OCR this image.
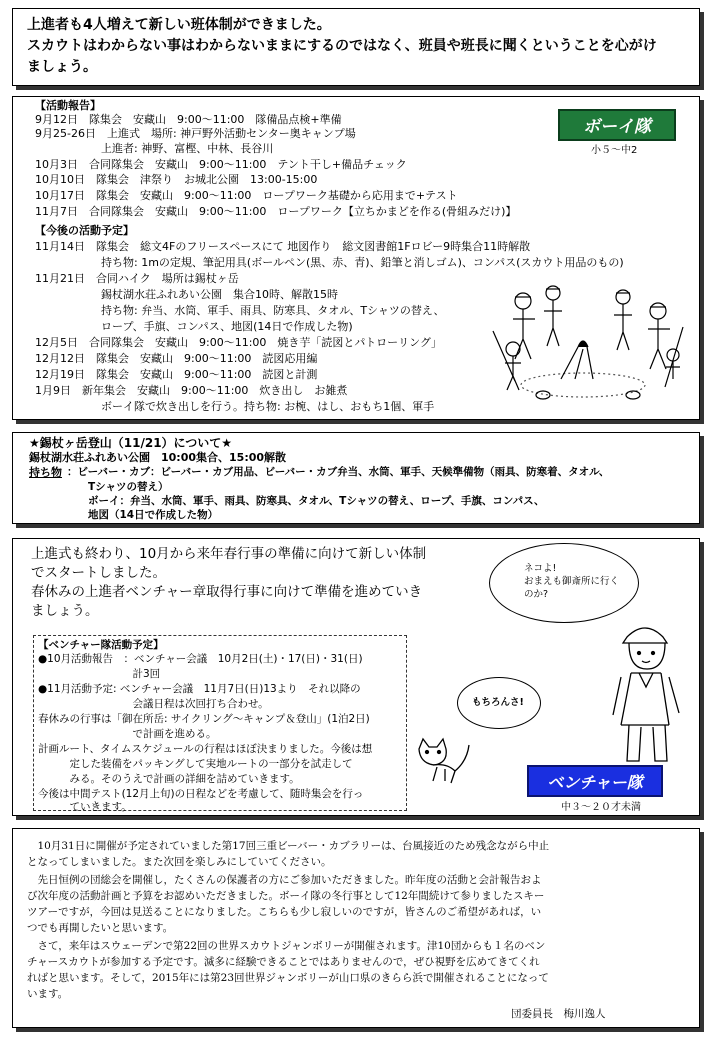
上進者も4人増えて新しい班体制ができました。
スカウトはわからない事はわからないままにするのではなく、班員や班長に聞くということを心がけ
ましょう。
【活動報告】
9月12日　隊集会　安藏山　9:00～11:00　隊備品点検+準備
9月25-26日　上進式　場所: 神戸野外活動センター奥キャンプ場
　　　　　　上進者: 神野、富樫、中林、長谷川
10月3日　合同隊集会　安藏山　9:00～11:00　テント干し+備品チェック
10月10日　隊集会　津祭り　お城北公園　13:00-15:00
10月17日　隊集会　安藏山　9:00～11:00　ロープワーク基礎から応用まで+テスト
11月7日　合同隊集会　安藏山　9:00～11:00　ロープワーク【立ちかまどを作る(骨組みだけ)】
【今後の活動予定】
11月14日　隊集会　総文4Fのフリースペースにて 地図作り　総文図書館1Fロビー9時集合11時解散
　　　　　　持ち物: 1mの定規、筆記用具(ボールペン(黒、赤、青)、鉛筆と消しゴム)、コンパス(スカウト用品のもの)
11月21日　合同ハイク　場所は錫杖ヶ岳
　　　　　　錫杖湖水荘ふれあい公園　集合10時、解散15時
　　　　　　持ち物: 弁当、水筒、軍手、雨具、防寒具、タオル、Tシャツの替え、
　　　　　　ロープ、手旗、コンパス、地図(14日で作成した物)
12月5日　合同隊集会　安藏山　9:00～11:00　焼き芋「読図とパトローリング」
12月12日　隊集会　安藏山　9:00～11:00　読図応用編
12月19日　隊集会　安藏山　9:00～11:00　読図と計測
1月9日　新年集会　安藏山　9:00～11:00　炊き出し　お雑煮
　　　　　　ボーイ隊で炊き出しを行う。持ち物: お椀、はし、おもち1個、軍手
ボーイ隊
小５～中2
★錫杖ヶ岳登山（11/21）について★
錫杖湖水荘ふれあい公園　10:00集合、15:00解散
持ち物 ：ビーバー・カブ：ビーバー・カブ用品、ビーバー・カブ弁当、水筒、軍手、天候準備物（雨具、防寒着、タオル、
　　Tシャツの替え）
　　ボーイ：弁当、水筒、軍手、雨具、防寒具、タオル、Tシャツの替え、ロープ、手旗、コンパス、
　　地図（14日で作成した物）
上進式も終わり、10月から来年春行事の準備に向けて新しい体制
でスタートしました。
春休みの上進者ベンチャー章取得行事に向けて準備を進めていき
ましょう。
【ベンチャー隊活動予定】
●10月活動報告　：ベンチャー会議　10月2日(土)・17(日)・31(日)
　　　　　　　　　計3回
●11月活動予定: ベンチャー会議　11月7日(日)13より　それ以降の
　　　　　　　　　会議日程は次回打ち合わせ。
春休みの行事は「御在所岳: サイクリング～キャンプ＆登山」(1泊2日)
　　　　　　　　　で計画を進める。
計画ルート、タイムスケジュールの行程はほぼ決まりました。今後は想
　　　定した装備をパッキングして実地ルートの一部分を試走して
　　　みる。そのうえで計画の詳細を詰めていきます。
今後は中間テスト(12月上旬)の日程などを考慮して、随時集会を行っ
　　　ていきます。
ネコよ!
おまえも御斎所に行く
のか?
もちろんさ!
ベンチャー隊
中３～２０才未満
　10月31日に開催が予定されていました第17回三重ビーバー・カブラリーは、台風接近のため残念ながら中止
となってしまいました。また次回を楽しみにしていてください。
　先日恒例の団総会を開催し，たくさんの保護者の方にご参加いただきました。昨年度の活動と会計報告およ
び次年度の活動計画と予算をお認めいただきました。ボーイ隊の冬行事として12年間続けて参りましたスキー
ツアーですが，今回は見送ることになりました。こちらも少し寂しいのですが，皆さんのご希望があれば，い
つでも再開したいと思います。
　さて，来年はスウェーデンで第22回の世界スカウトジャンボリーが開催されます。津10団からも１名のベン
チャースカウトが参加する予定です。滅多に経験できることではありませんので，ぜひ視野を広めてきてくれ
ればと思います。そして，2015年には第23回世界ジャンボリーが山口県のきらら浜で開催されることになって
います。
団委員長　梅川逸人
